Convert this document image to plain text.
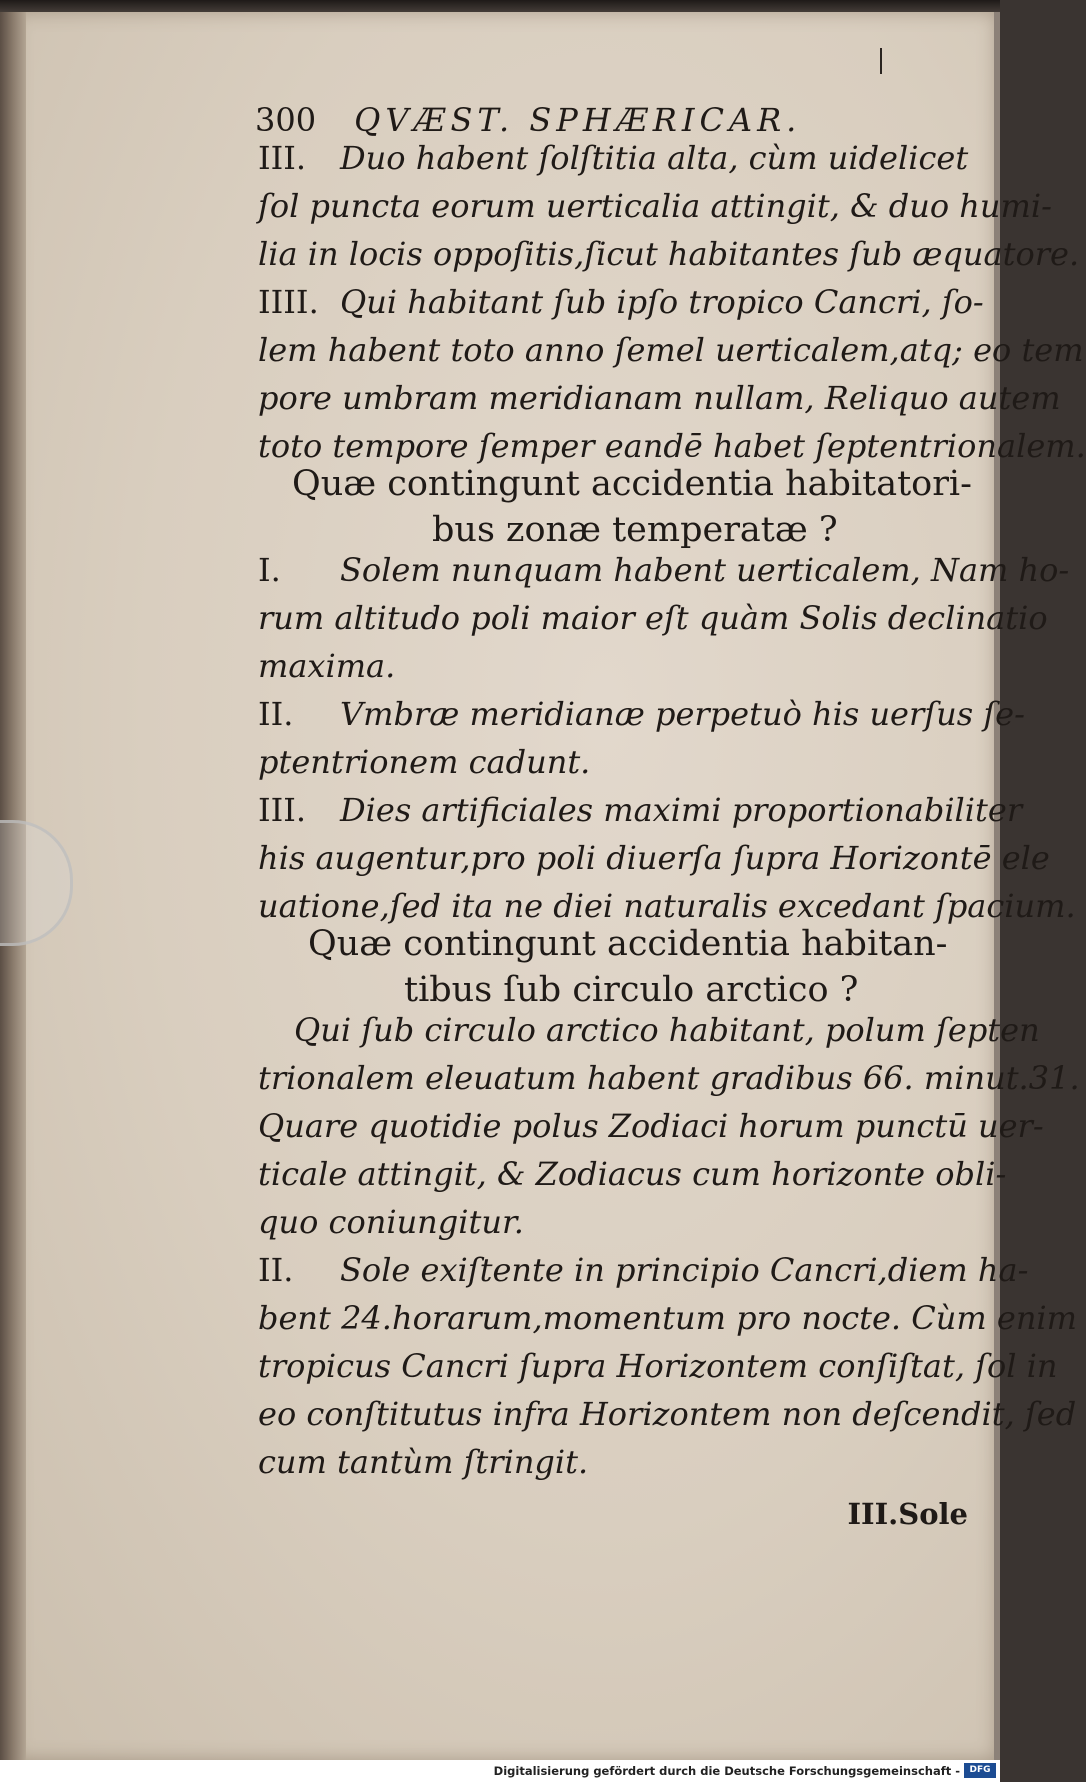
300 QVÆST. SPHÆRICAR.
III. Duo habent ſolſtitia alta, cùm uidelicet
ſol puncta eorum uerticalia attingit, & duo humi-
lia in locis oppoſitis,ſicut habitantes ſub æquatore.
IIII. Qui habitant ſub ipſo tropico Cancri, ſo-
lem habent toto anno ſemel uerticalem,atq; eo tem
pore umbram meridianam nullam, Reliquo autem
toto tempore ſemper eandē habet ſeptentrionalem.
Quæ contingunt accidentia habitatori-
bus zonæ temperatæ ?
I. Solem nunquam habent uerticalem, Nam ho-
rum altitudo poli maior eſt quàm Solis declinatio
maxima.
II. Vmbræ meridianæ perpetuò his uerſus ſe-
ptentrionem cadunt.
III. Dies artificiales maximi proportionabiliter
his augentur,pro poli diuerſa ſupra Horizontē ele
uatione,ſed ita ne diei naturalis excedant ſpacium.
Quæ contingunt accidentia habitan-
tibus ſub circulo arctico ?
Qui ſub circulo arctico habitant, polum ſepten
trionalem eleuatum habent gradibus 66. minut.31.
Quare quotidie polus Zodiaci horum punctū uer-
ticale attingit, & Zodiacus cum horizonte obli-
quo coniungitur.
II. Sole exiſtente in principio Cancri,diem ha-
bent 24.horarum,momentum pro nocte. Cùm enim
tropicus Cancri ſupra Horizontem conſiſtat, ſol in
eo conſtitutus infra Horizontem non deſcendit, ſed
cum tantùm ſtringit.
III.Sole
Digitalisierung gefördert durch die Deutsche Forschungsgemeinschaft -	DFG
